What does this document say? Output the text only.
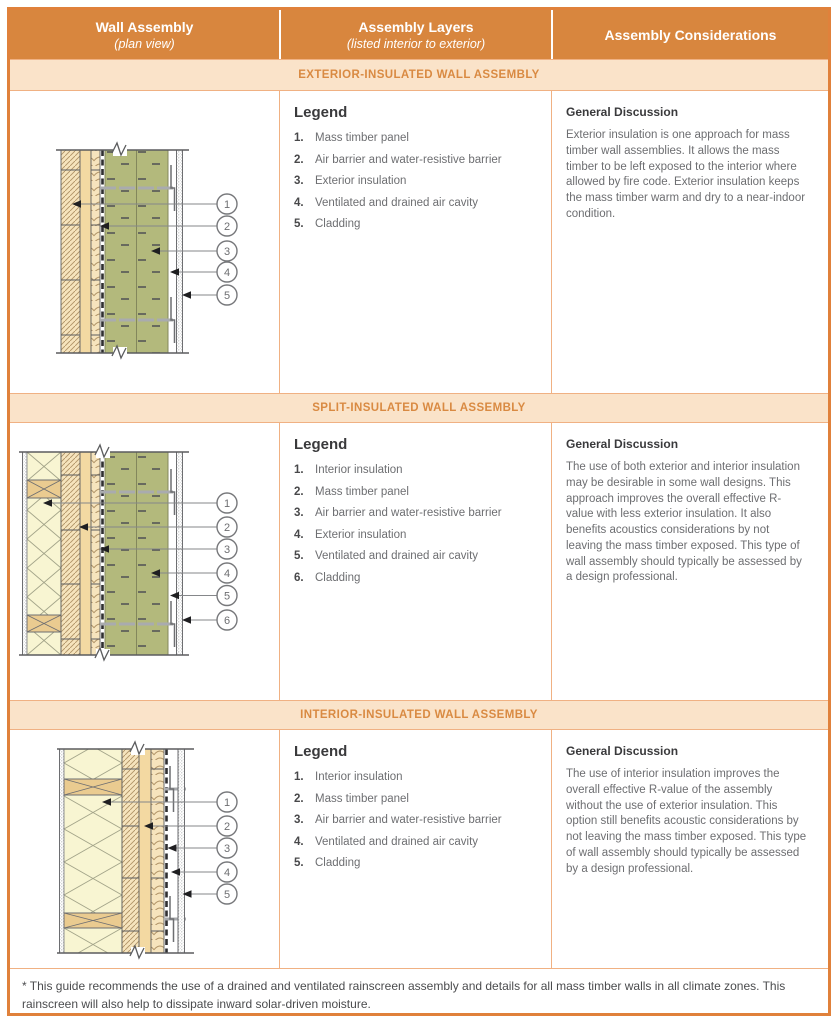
Wall Assembly
(plan view)
Assembly Layers
(listed interior to exterior)
Assembly Considerations
EXTERIOR-INSULATED WALL ASSEMBLY
1
2
3
4
5
Legend
1. Mass timber panel
2. Air barrier and water-resistive barrier
3. Exterior insulation
4. Ventilated and drained air cavity
5. Cladding
General Discussion

Exterior insulation is one approach for mass timber wall assemblies. It allows the mass timber to be left exposed to the interior where allowed by fire code. Exterior insulation keeps the mass timber warm and dry to a near-indoor condition.

SPLIT-INSULATED WALL ASSEMBLY
1
2
3
4
5
6
Legend
1. Interior insulation
2. Mass timber panel
3. Air barrier and water-resistive barrier
4. Exterior insulation
5. Ventilated and drained air cavity
6. Cladding
General Discussion

The use of both exterior and interior insulation may be desirable in some wall designs. This approach improves the overall effective R-value with less exterior insulation. It also benefits acoustics considerations by not leaving the mass timber exposed. This type of wall assembly should typically be assessed by a design professional.

INTERIOR-INSULATED WALL ASSEMBLY
1
2
3
4
5
Legend
1. Interior insulation
2. Mass timber panel
3. Air barrier and water-resistive barrier
4. Ventilated and drained air cavity
5. Cladding
General Discussion

The use of interior insulation improves the overall effective R-value of the assembly without the use of exterior insulation. This option still benefits acoustic considerations by not leaving the mass timber exposed. This type of wall assembly should typically be assessed by a design professional.

* This guide recommends the use of a drained and ventilated rainscreen assembly and details for all mass timber walls in all climate zones. This rainscreen will also help to dissipate inward solar-driven moisture.
